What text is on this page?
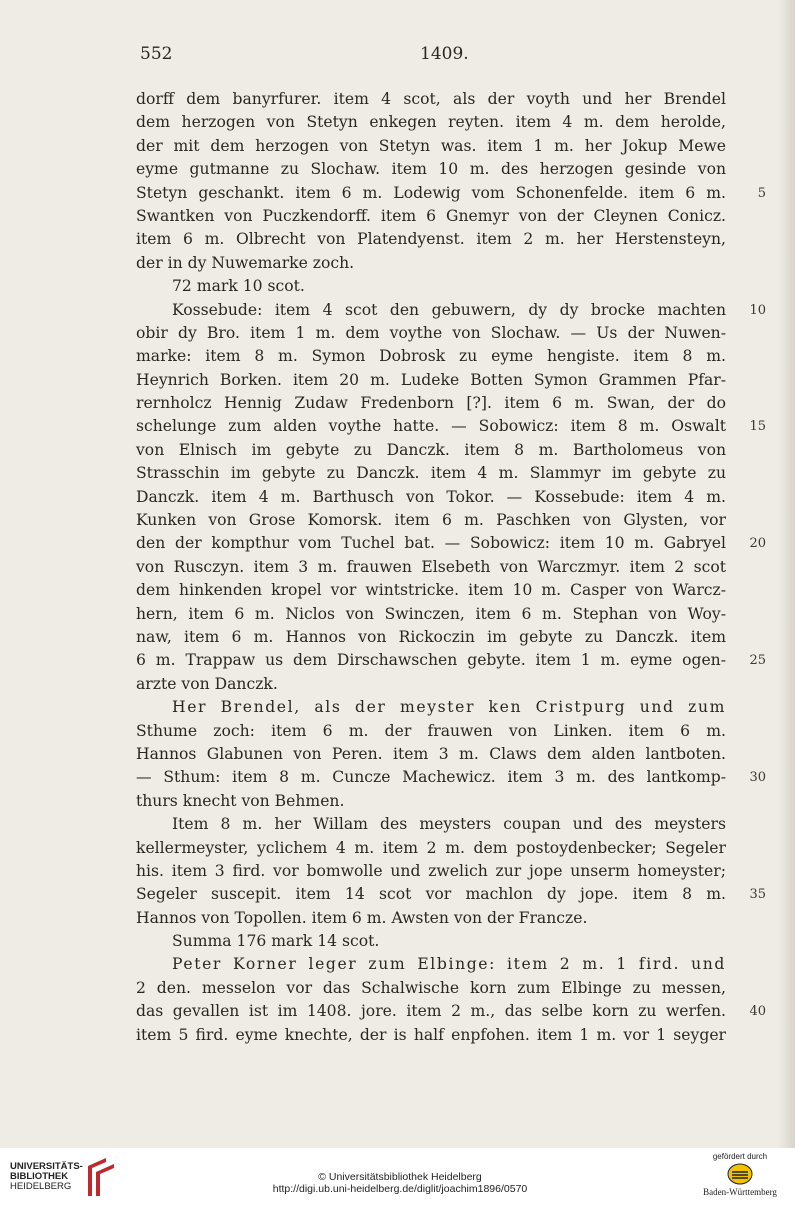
552	1409.
dorff dem banyrfurer. item 4 scot, als der voyth und her Brendel
dem herzogen von Stetyn enkegen reyten. item 4 m. dem herolde,
der mit dem herzogen von Stetyn was. item 1 m. her Jokup Mewe
eyme gutmanne zu Slochaw. item 10 m. des herzogen gesinde von
Stetyn geschankt. item 6 m. Lodewig vom Schonenfelde. item 6 m. 5
Swantken von Puczkendorff. item 6 Gnemyr von der Cleynen Conicz.
item 6 m. Olbrecht von Platendyenst. item 2 m. her Herstensteyn,
der in dy Nuwemarke zoch.
72 mark 10 scot.
Kossebude: item 4 scot den gebuwern, dy dy brocke machten 10
obir dy Bro. item 1 m. dem voythe von Slochaw. — Us der Nuwen-
marke: item 8 m. Symon Dobrosk zu eyme hengiste. item 8 m.
Heynrich Borken. item 20 m. Ludeke Botten Symon Grammen Pfar-
rernholcz Hennig Zudaw Fredenborn [?]. item 6 m. Swan, der do
schelunge zum alden voythe hatte. — Sobowicz: item 8 m. Oswalt 15
von Elnisch im gebyte zu Danczk. item 8 m. Bartholomeus von
Strasschin im gebyte zu Danczk. item 4 m. Slammyr im gebyte zu
Danczk. item 4 m. Barthusch von Tokor. — Kossebude: item 4 m.
Kunken von Grose Komorsk. item 6 m. Paschken von Glysten, vor
den der kompthur vom Tuchel bat. — Sobowicz: item 10 m. Gabryel 20
von Rusczyn. item 3 m. frauwen Elsebeth von Warczmyr. item 2 scot
dem hinkenden kropel vor wintstricke. item 10 m. Casper von Warcz-
hern, item 6 m. Niclos von Swinczen, item 6 m. Stephan von Woy-
naw, item 6 m. Hannos von Rickoczin im gebyte zu Danczk. item
6 m. Trappaw us dem Dirschawschen gebyte. item 1 m. eyme ogen- 25
arzte von Danczk.
Her Brendel, als der meyster ken Cristpurg und zum
Sthume zoch: item 6 m. der frauwen von Linken. item 6 m.
Hannos Glabunen von Peren. item 3 m. Claws dem alden lantboten.
— Sthum: item 8 m. Cuncze Machewicz. item 3 m. des lantkomp- 30
thurs knecht von Behmen.
Item 8 m. her Willam des meysters coupan und des meysters
kellermeyster, yclichem 4 m. item 2 m. dem postoydenbecker; Segeler
his. item 3 fird. vor bomwolle und zwelich zur jope unserm homeyster;
Segeler suscepit. item 14 scot vor machlon dy jope. item 8 m. 35
Hannos von Topollen. item 6 m. Awsten von der Francze.
Summa 176 mark 14 scot.
Peter Korner leger zum Elbinge: item 2 m. 1 fird. und
2 den. messelon vor das Schalwische korn zum Elbinge zu messen,
das gevallen ist im 1408. jore. item 2 m., das selbe korn zu werfen. 40
item 5 fird. eyme knechte, der is half enpfohen. item 1 m. vor 1 seyger
UNIVERSITÄTS-
BIBLIOTHEK
HEIDELBERG
© Universitätsbibliothek Heidelberg
http://digi.ub.uni-heidelberg.de/diglit/joachim1896/0570
gefördert durch
Baden-Württemberg
